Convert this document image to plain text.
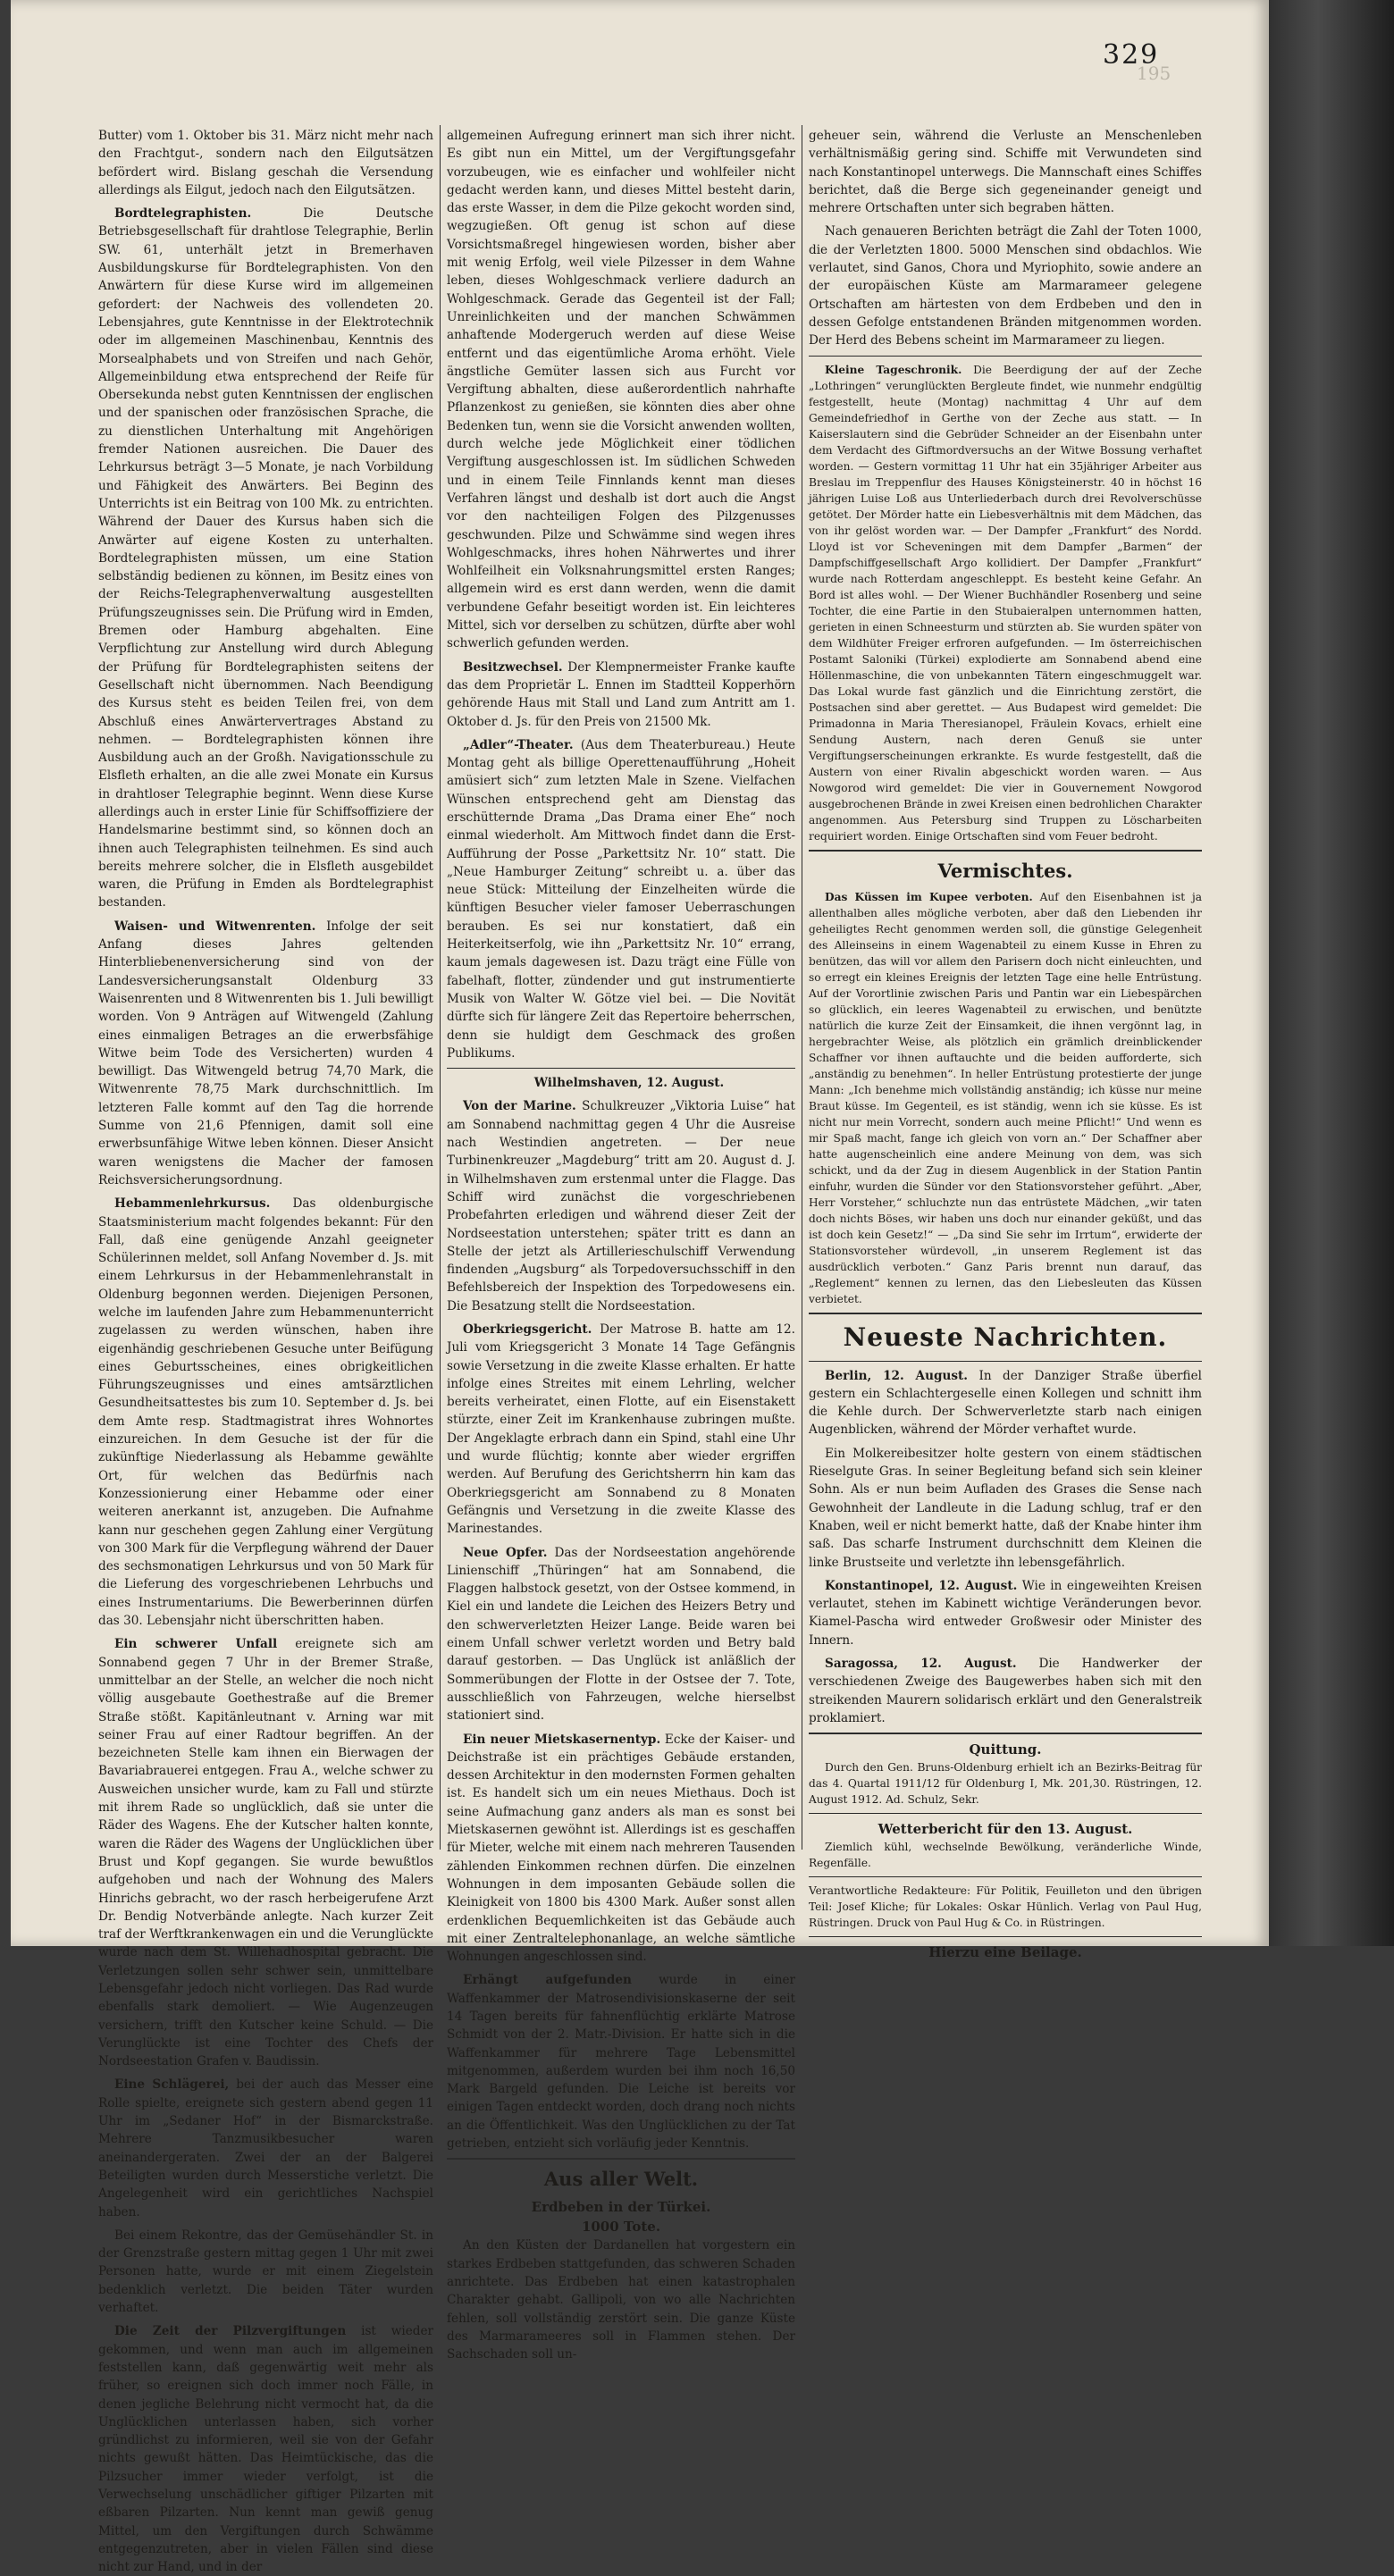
329
195

Butter) vom 1. Oktober bis 31. März nicht mehr nach den Frachtgut-, sondern nach den Eilgutsätzen befördert wird. Bislang geschah die Versendung allerdings als Eilgut, jedoch nach den Eilgutsätzen.

Bordtelegraphisten.	Die Deutsche Betriebsgesellschaft für drahtlose Telegraphie, Berlin SW. 61, unterhält jetzt in Bremerhaven Ausbildungskurse für Bordtelegraphisten. Von den Anwärtern für diese Kurse wird im allgemeinen gefordert: der Nachweis des vollendeten 20. Lebensjahres, gute Kenntnisse in der Elektrotechnik oder im allgemeinen Maschinenbau, Kenntnis des Morsealphabets und von Streifen und nach Gehör, Allgemeinbildung etwa entsprechend der Reife für Obersekunda nebst guten Kenntnissen der englischen und der spanischen oder französischen Sprache, die zu dienstlichen Unterhaltung mit Angehörigen fremder Nationen ausreichen. Die Dauer des Lehrkursus beträgt 3—5 Monate, je nach Vorbildung und Fähigkeit des Anwärters. Bei Beginn des Unterrichts ist ein Beitrag von 100 Mk. zu entrichten. Während der Dauer des Kursus haben sich die Anwärter auf eigene Kosten zu unterhalten. Bordtelegraphisten müssen, um eine Station selbständig bedienen zu können, im Besitz eines von der Reichs-Telegraphenverwaltung ausgestellten Prüfungszeugnisses sein. Die Prüfung wird in Emden, Bremen oder Hamburg abgehalten. Eine Verpflichtung zur Anstellung wird durch Ablegung der Prüfung für Bordtelegraphisten seitens der Gesellschaft nicht übernommen. Nach Beendigung des Kursus steht es beiden Teilen frei, von dem Abschluß eines Anwärtervertrages Abstand zu nehmen. — Bordtelegraphisten können ihre Ausbildung auch an der Großh. Navigationsschule zu Elsfleth erhalten, an die alle zwei Monate ein Kursus in drahtloser Telegraphie beginnt. Wenn diese Kurse allerdings auch in erster Linie für Schiffsoffiziere der Handelsmarine bestimmt sind, so können doch an ihnen auch Telegraphisten teilnehmen. Es sind auch bereits mehrere solcher, die in Elsfleth ausgebildet waren, die Prüfung in Emden als Bordtelegraphist bestanden.

Waisen- und Witwenrenten. Infolge der seit Anfang dieses Jahres geltenden Hinterbliebenenversicherung sind von der Landesversicherungsanstalt Oldenburg 33 Waisenrenten und 8 Witwenrenten bis 1. Juli bewilligt worden. Von 9 Anträgen auf Witwengeld (Zahlung eines einmaligen Betrages an die erwerbsfähige Witwe beim Tode des Versicherten) wurden 4 bewilligt. Das Witwengeld betrug 74,70 Mark, die Witwenrente 78,75 Mark durchschnittlich. Im letzteren Falle kommt auf den Tag die horrende Summe von 21,6 Pfennigen, damit soll eine erwerbsunfähige Witwe leben können. Dieser Ansicht waren wenigstens die Macher der famosen Reichsversicherungsordnung.

Hebammenlehrkursus. Das oldenburgische Staatsministerium macht folgendes bekannt: Für den Fall, daß eine genügende Anzahl geeigneter Schülerinnen meldet, soll Anfang November d. Js. mit einem Lehrkursus in der Hebammenlehranstalt in Oldenburg begonnen werden. Diejenigen Personen, welche im laufenden Jahre zum Hebammenunterricht zugelassen zu werden wünschen, haben ihre eigenhändig geschriebenen Gesuche unter Beifügung eines Geburtsscheines, eines obrigkeitlichen Führungszeugnisses und eines amtsärztlichen Gesundheitsattestes bis zum 10. September d. Js. bei dem Amte resp. Stadtmagistrat ihres Wohnortes einzureichen. In dem Gesuche ist der für die zukünftige Niederlassung als Hebamme gewählte Ort, für welchen das Bedürfnis nach Konzessionierung einer Hebamme oder einer weiteren anerkannt ist, anzugeben. Die Aufnahme kann nur geschehen gegen Zahlung einer Vergütung von 300 Mark für die Verpflegung während der Dauer des sechsmonatigen Lehrkursus und von 50 Mark für die Lieferung des vorgeschriebenen Lehrbuchs und eines Instrumentariums. Die Bewerberinnen dürfen das 30. Lebensjahr nicht überschritten haben.

Ein schwerer Unfall ereignete sich am Sonnabend gegen 7 Uhr in der Bremer Straße, unmittelbar an der Stelle, an welcher die noch nicht völlig ausgebaute Goethestraße auf die Bremer Straße stößt. Kapitänleutnant v. Arning war mit seiner Frau auf einer Radtour begriffen. An der bezeichneten Stelle kam ihnen ein Bierwagen der Bavariabrauerei entgegen. Frau A., welche schwer zu Ausweichen unsicher wurde, kam zu Fall und stürzte mit ihrem Rade so unglücklich, daß sie unter die Räder des Wagens. Ehe der Kutscher halten konnte, waren die Räder des Wagens der Unglücklichen über Brust und Kopf gegangen. Sie wurde bewußtlos aufgehoben und nach der Wohnung des Malers Hinrichs gebracht, wo der rasch herbeigerufene Arzt Dr. Bendig Notverbände anlegte. Nach kurzer Zeit traf der Werftkrankenwagen ein und die Verunglückte wurde nach dem St. Willehadhospital gebracht. Die Verletzungen sollen sehr schwer sein, unmittelbare Lebensgefahr jedoch nicht vorliegen. Das Rad wurde ebenfalls stark demoliert. — Wie Augenzeugen versichern, trifft den Kutscher keine Schuld. — Die Verunglückte ist eine Tochter des Chefs der Nordseestation Grafen v. Baudissin.

Eine Schlägerei, bei der auch das Messer eine Rolle spielte, ereignete sich gestern abend gegen 11 Uhr im „Sedaner Hof“ in der Bismarckstraße. Mehrere Tanzmusikbesucher waren aneinandergeraten. Zwei der an der Balgerei Beteiligten wurden durch Messerstiche verletzt. Die Angelegenheit wird ein gerichtliches Nachspiel haben.

Bei einem Rekontre, das der Gemüsehändler St. in der Grenzstraße gestern mittag gegen 1 Uhr mit zwei Personen hatte, wurde er mit einem Ziegelstein bedenklich verletzt. Die beiden Täter wurden verhaftet.

Die Zeit der Pilzvergiftungen ist wieder gekommen, und wenn man auch im allgemeinen feststellen kann, daß gegenwärtig weit mehr als früher, so ereignen sich doch immer noch Fälle, in denen jegliche Belehrung nicht vermocht hat, da die Unglücklichen unterlassen haben, sich vorher gründlichst zu informieren, weil sie von der Gefahr nichts gewußt hätten. Das Heimtückische, das die Pilzsucher immer wieder verfolgt, ist die Verwechselung unschädlicher giftiger Pilzarten mit eßbaren Pilzarten. Nun kennt man gewiß genug Mittel, um den Vergiftungen durch Schwämme entgegenzutreten, aber in vielen Fällen sind diese nicht zur Hand, und in der

allgemeinen Aufregung erinnert man sich ihrer nicht. Es gibt nun ein Mittel, um der Vergiftungsgefahr vorzubeugen, wie es einfacher und wohlfeiler nicht gedacht werden kann, und dieses Mittel besteht darin, das erste Wasser, in dem die Pilze gekocht worden sind, wegzugießen. Oft genug ist schon auf diese Vorsichtsmaßregel hingewiesen worden, bisher aber mit wenig Erfolg, weil viele Pilzesser in dem Wahne leben, dieses Wohlgeschmack verliere dadurch an Wohlgeschmack. Gerade das Gegenteil ist der Fall; Unreinlichkeiten und der manchen Schwämmen anhaftende Modergeruch werden auf diese Weise entfernt und das eigentümliche Aroma erhöht. Viele ängstliche Gemüter lassen sich aus Furcht vor Vergiftung abhalten, diese außerordentlich nahrhafte Pflanzenkost zu genießen, sie könnten dies aber ohne Bedenken tun, wenn sie die Vorsicht anwenden wollten, durch welche jede Möglichkeit einer tödlichen Vergiftung ausgeschlossen ist. Im südlichen Schweden und in einem Teile Finnlands kennt man dieses Verfahren längst und deshalb ist dort auch die Angst vor den nachteiligen Folgen des Pilzgenusses geschwunden. Pilze und Schwämme sind wegen ihres Wohlgeschmacks, ihres hohen Nährwertes und ihrer Wohlfeilheit ein Volksnahrungsmittel ersten Ranges; allgemein wird es erst dann werden, wenn die damit verbundene Gefahr beseitigt worden ist. Ein leichteres Mittel, sich vor derselben zu schützen, dürfte aber wohl schwerlich gefunden werden.

Besitzwechsel. Der Klempnermeister Franke kaufte das dem Proprietär L. Ennen im Stadtteil Kopperhörn gehörende Haus mit Stall und Land zum Antritt am 1. Oktober d. Js. für den Preis von 21500 Mk.

„Adler“-Theater. (Aus dem Theaterbureau.) Heute Montag geht als billige Operettenaufführung „Hoheit amüsiert sich“ zum letzten Male in Szene. Vielfachen Wünschen entsprechend geht am Dienstag das erschütternde Drama „Das Drama einer Ehe“ noch einmal wiederholt. Am Mittwoch findet dann die Erst-Aufführung der Posse „Parkettsitz Nr. 10“ statt. Die „Neue Hamburger Zeitung“ schreibt u. a. über das neue Stück: Mitteilung der Einzelheiten würde die künftigen Besucher vieler famoser Ueberraschungen berauben. Es sei nur konstatiert, daß ein Heiterkeitserfolg, wie ihn „Parkettsitz Nr. 10“ errang, kaum jemals dagewesen ist. Dazu trägt eine Fülle von fabelhaft, flotter, zündender und gut instrumentierte Musik von Walter W. Götze viel bei. — Die Novität dürfte sich für längere Zeit das Repertoire beherrschen, denn sie huldigt dem Geschmack des großen Publikums.

Wilhelmshaven, 12. August.

Von der Marine. Schulkreuzer „Viktoria Luise“ hat am Sonnabend nachmittag gegen 4 Uhr die Ausreise nach Westindien angetreten. — Der neue Turbinenkreuzer „Magdeburg“ tritt am 20. August d. J. in Wilhelmshaven zum erstenmal unter die Flagge. Das Schiff wird zunächst die vorgeschriebenen Probefahrten erledigen und während dieser Zeit der Nordseestation unterstehen; später tritt es dann an Stelle der jetzt als Artillerieschulschiff Verwendung findenden „Augsburg“ als Torpedoversuchsschiff in den Befehlsbereich der Inspektion des Torpedowesens ein. Die Besatzung stellt die Nordseestation.

Oberkriegsgericht. Der Matrose B. hatte am 12. Juli vom Kriegsgericht 3 Monate 14 Tage Gefängnis sowie Versetzung in die zweite Klasse erhalten. Er hatte infolge eines Streites mit einem Lehrling, welcher bereits verheiratet, einen Flotte, auf ein Eisenstakett stürzte, einer Zeit im Krankenhause zubringen mußte. Der Angeklagte erbrach dann ein Spind, stahl eine Uhr und wurde flüchtig; konnte aber wieder ergriffen werden. Auf Berufung des Gerichtsherrn hin kam das Oberkriegsgericht am Sonnabend zu 8 Monaten Gefängnis und Versetzung in die zweite Klasse des Marinestandes.

Neue Opfer. Das der Nordseestation angehörende Linienschiff „Thüringen“ hat am Sonnabend, die Flaggen halbstock gesetzt, von der Ostsee kommend, in Kiel ein und landete die Leichen des Heizers Betry und den schwerverletzten Heizer Lange. Beide waren bei einem Unfall schwer verletzt worden und Betry bald darauf gestorben. — Das Unglück ist anläßlich der Sommerübungen der Flotte in der Ostsee der 7. Tote, ausschließlich von Fahrzeugen, welche hierselbst stationiert sind.

Ein neuer Mietskasernentyp. Ecke der Kaiser- und Deichstraße ist ein prächtiges Gebäude erstanden, dessen Architektur in den modernsten Formen gehalten ist. Es handelt sich um ein neues Miethaus. Doch ist seine Aufmachung ganz anders als man es sonst bei Mietskasernen gewöhnt ist. Allerdings ist es geschaffen für Mieter, welche mit einem nach mehreren Tausenden zählenden Einkommen rechnen dürfen. Die einzelnen Wohnungen in dem imposanten Gebäude sollen die Kleinigkeit von 1800 bis 4300 Mark. Außer sonst allen erdenklichen Bequemlichkeiten ist das Gebäude auch mit einer Zentraltelephonanlage, an welche sämtliche Wohnungen angeschlossen sind.

Erhängt aufgefunden wurde in einer Waffenkammer der Matrosendivisionskaserne der seit 14 Tagen bereits für fahnenflüchtig erklärte Matrose Schmidt von der 2. Matr.-Division. Er hatte sich in die Waffenkammer für mehrere Tage Lebensmittel mitgenommen, außerdem wurden bei ihm noch 16,50 Mark Bargeld gefunden. Die Leiche ist bereits vor einigen Tagen entdeckt worden, doch drang noch nichts an die Öffentlichkeit. Was den Unglücklichen zu der Tat getrieben, entzieht sich vorläufig jeder Kenntnis.

Aus aller Welt.
Erdbeben in der Türkei.
1000 Tote.

An den Küsten der Dardanellen hat vorgestern ein starkes Erdbeben stattgefunden, das schweren Schaden anrichtete. Das Erdbeben hat einen katastrophalen Charakter gehabt. Gallipoli, von wo alle Nachrichten fehlen, soll vollständig zerstört sein. Die ganze Küste des Marmarameeres soll in Flammen stehen. Der Sachschaden soll un-

geheuer sein, während die Verluste an Menschenleben verhältnismäßig gering sind. Schiffe mit Verwundeten sind nach Konstantinopel unterwegs. Die Mannschaft eines Schiffes berichtet, daß die Berge sich gegeneinander geneigt und mehrere Ortschaften unter sich begraben hätten.

Nach genaueren Berichten beträgt die Zahl der Toten 1000, die der Verletzten 1800. 5000 Menschen sind obdachlos. Wie verlautet, sind Ganos, Chora und Myriophito, sowie andere an der europäischen Küste am Marmarameer gelegene Ortschaften am härtesten von dem Erdbeben und den in dessen Gefolge entstandenen Bränden mitgenommen worden. Der Herd des Bebens scheint im Marmarameer zu liegen.

Kleine Tageschronik. Die Beerdigung der auf der Zeche „Lothringen“ verunglückten Bergleute findet, wie nunmehr endgültig festgestellt, heute (Montag) nachmittag 4 Uhr auf dem Gemeindefriedhof in Gerthe von der Zeche aus statt. — In Kaiserslautern sind die Gebrüder Schneider an der Eisenbahn unter dem Verdacht des Giftmordversuchs an der Witwe Bossung verhaftet worden. — Gestern vormittag 11 Uhr hat ein 35jähriger Arbeiter aus Breslau im Treppenflur des Hauses Königsteinerstr. 40 in höchst 16 jährigen Luise Loß aus Unterliederbach durch drei Revolverschüsse getötet. Der Mörder hatte ein Liebesverhältnis mit dem Mädchen, das von ihr gelöst worden war. — Der Dampfer „Frankfurt“ des Nordd. Lloyd ist vor Scheveningen mit dem Dampfer „Barmen“ der Dampfschiffgesellschaft Argo kollidiert. Der Dampfer „Frankfurt“ wurde nach Rotterdam angeschleppt. Es besteht keine Gefahr. An Bord ist alles wohl. — Der Wiener Buchhändler Rosenberg und seine Tochter, die eine Partie in den Stubaieralpen unternommen hatten, gerieten in einen Schneesturm und stürzten ab. Sie wurden später von dem Wildhüter Freiger erfroren aufgefunden. — Im österreichischen Postamt Saloniki (Türkei) explodierte am Sonnabend abend eine Höllenmaschine, die von unbekannten Tätern eingeschmuggelt war. Das Lokal wurde fast gänzlich und die Einrichtung zerstört, die Postsachen sind aber gerettet. — Aus Budapest wird gemeldet: Die Primadonna in Maria Theresianopel, Fräulein Kovacs, erhielt eine Sendung Austern, nach deren Genuß sie unter Vergiftungserscheinungen erkrankte. Es wurde festgestellt, daß die Austern von einer Rivalin abgeschickt worden waren. — Aus Nowgorod wird gemeldet: Die vier in Gouvernement Nowgorod ausgebrochenen Brände in zwei Kreisen einen bedrohlichen Charakter angenommen. Aus Petersburg sind Truppen zu Löscharbeiten requiriert worden. Einige Ortschaften sind vom Feuer bedroht.

Vermischtes.

Das Küssen im Kupee verboten. Auf den Eisenbahnen ist ja allenthalben alles mögliche verboten, aber daß den Liebenden ihr geheiligtes Recht genommen werden soll, die günstige Gelegenheit des Alleinseins in einem Wagenabteil zu einem Kusse in Ehren zu benützen, das will vor allem den Parisern doch nicht einleuchten, und so erregt ein kleines Ereignis der letzten Tage eine helle Entrüstung. Auf der Vorortlinie zwischen Paris und Pantin war ein Liebespärchen so glücklich, ein leeres Wagenabteil zu erwischen, und benützte natürlich die kurze Zeit der Einsamkeit, die ihnen vergönnt lag, in hergebrachter Weise, als plötzlich ein grämlich dreinblickender Schaffner vor ihnen auftauchte und die beiden aufforderte, sich „anständig zu benehmen“. In heller Entrüstung protestierte der junge Mann: „Ich benehme mich vollständig anständig; ich küsse nur meine Braut küsse. Im Gegenteil, es ist ständig, wenn ich sie küsse. Es ist nicht nur mein Vorrecht, sondern auch meine Pflicht!“ Und wenn es mir Spaß macht, fange ich gleich von vorn an.“ Der Schaffner aber hatte augenscheinlich eine andere Meinung von dem, was sich schickt, und da der Zug in diesem Augenblick in der Station Pantin einfuhr, wurden die Sünder vor den Stationsvorsteher geführt. „Aber, Herr Vorsteher,“ schluchzte nun das entrüstete Mädchen, „wir taten doch nichts Böses, wir haben uns doch nur einander geküßt, und das ist doch kein Gesetz!“ — „Da sind Sie sehr im Irrtum“, erwiderte der Stationsvorsteher würdevoll, „in unserem Reglement ist das ausdrücklich verboten.“ Ganz Paris brennt nun darauf, das „Reglement“ kennen zu lernen, das den Liebesleuten das Küssen verbietet.

Neueste Nachrichten.

Berlin, 12. August. In der Danziger Straße überfiel gestern ein Schlachtergeselle einen Kollegen und schnitt ihm die Kehle durch. Der Schwerverletzte starb nach einigen Augenblicken, während der Mörder verhaftet wurde.

Ein Molkereibesitzer holte gestern von einem städtischen Rieselgute Gras. In seiner Begleitung befand sich sein kleiner Sohn. Als er nun beim Aufladen des Grases die Sense nach Gewohnheit der Landleute in die Ladung schlug, traf er den Knaben, weil er nicht bemerkt hatte, daß der Knabe hinter ihm saß. Das scharfe Instrument durchschnitt dem Kleinen die linke Brustseite und verletzte ihn lebensgefährlich.

Konstantinopel, 12. August. Wie in eingeweihten Kreisen verlautet, stehen im Kabinett wichtige Veränderungen bevor. Kiamel-Pascha wird entweder Großwesir oder Minister des Innern.

Saragossa, 12. August. Die Handwerker der verschiedenen Zweige des Baugewerbes haben sich mit den streikenden Maurern solidarisch erklärt und den Generalstreik proklamiert.

Quittung.

Durch den Gen. Bruns-Oldenburg erhielt ich an Bezirks-Beitrag für das 4. Quartal 1911/12 für Oldenburg I, Mk. 201,30. Rüstringen, 12. August 1912. Ad. Schulz, Sekr.

Wetterbericht für den 13. August.

Ziemlich kühl, wechselnde Bewölkung, veränderliche Winde, Regenfälle.

Verantwortliche Redakteure: Für Politik, Feuilleton und den übrigen Teil: Josef Kliche; für Lokales: Oskar Hünlich. Verlag von Paul Hug, Rüstringen. Druck von Paul Hug & Co. in Rüstringen.

Hierzu eine Beilage.
